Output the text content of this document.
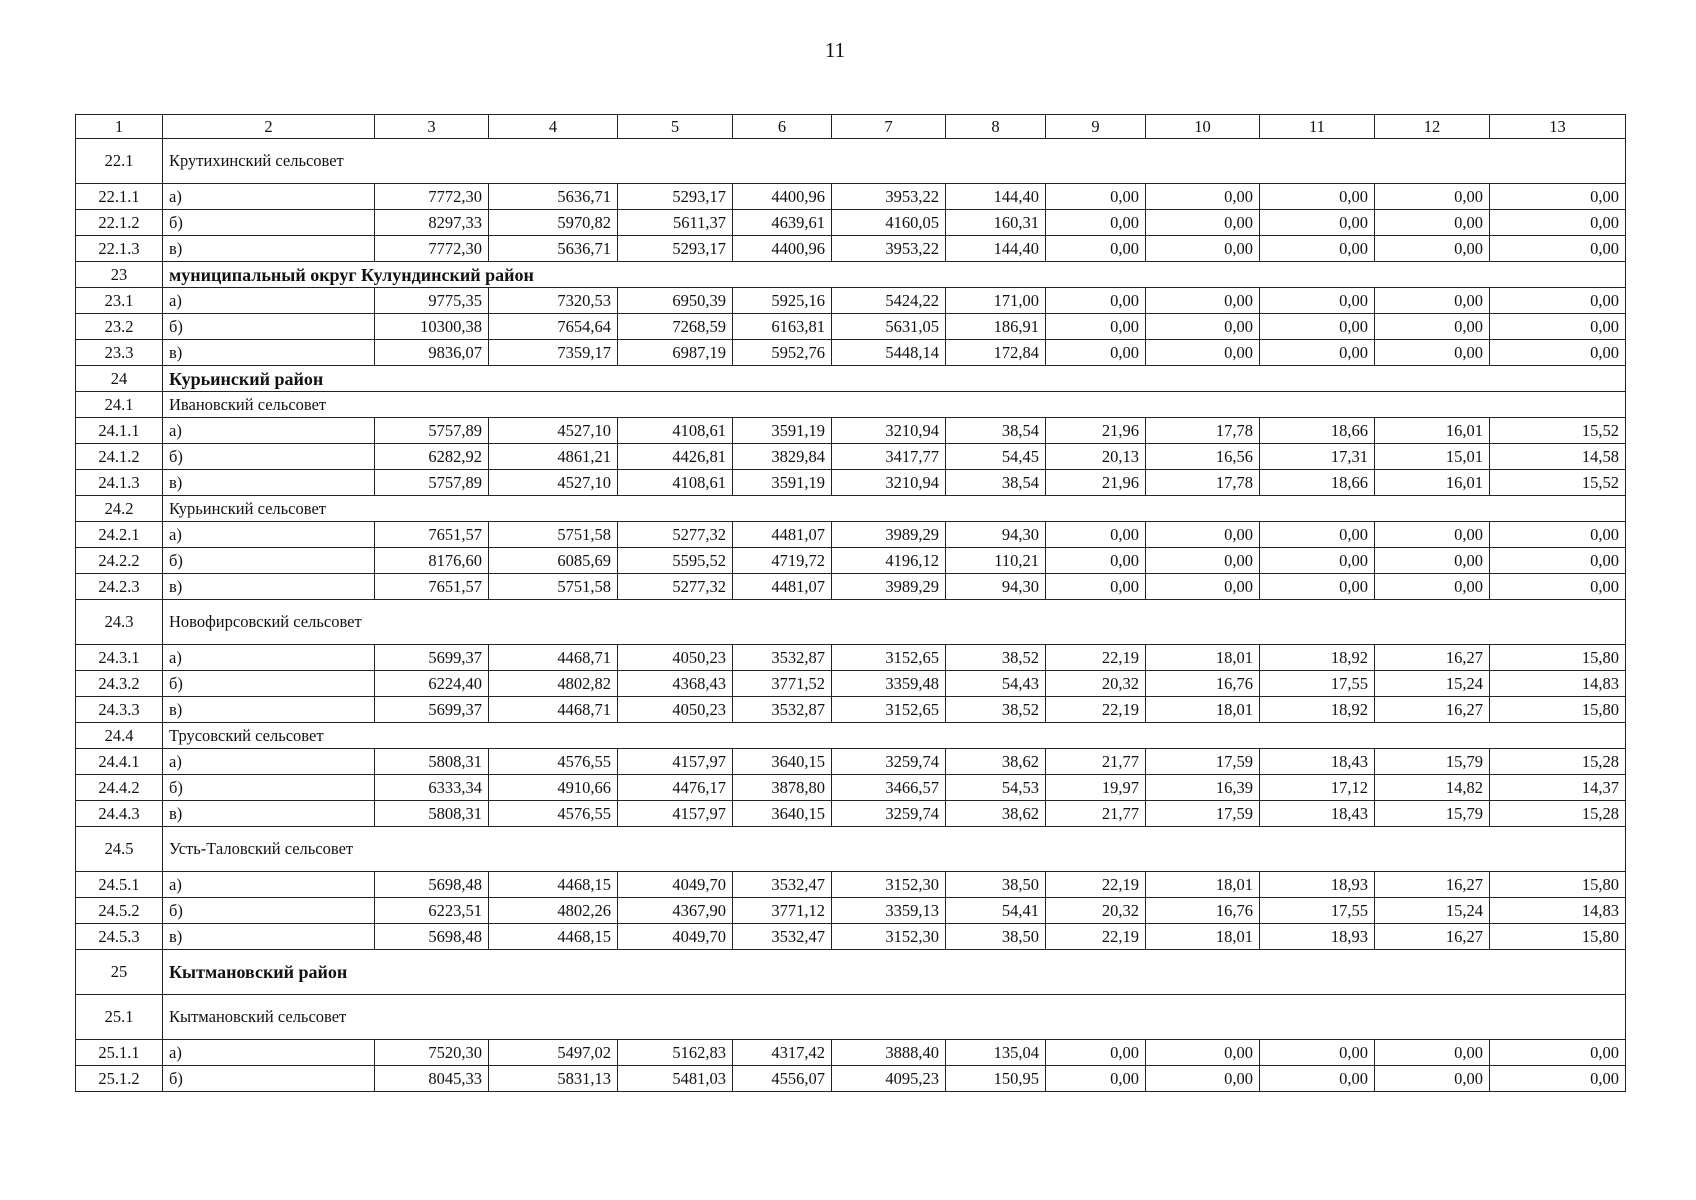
11
1	2	3	4	5	6	7	8	9	10	11	12	13
22.1	Крутихинский сельсовет											
22.1.1	а)	7772,30	5636,71	5293,17	4400,96	3953,22	144,40	0,00	0,00	0,00	0,00	0,00
22.1.2	б)	8297,33	5970,82	5611,37	4639,61	4160,05	160,31	0,00	0,00	0,00	0,00	0,00
22.1.3	в)	7772,30	5636,71	5293,17	4400,96	3953,22	144,40	0,00	0,00	0,00	0,00	0,00
23	муниципальный округ Кулундинский район											
23.1	а)	9775,35	7320,53	6950,39	5925,16	5424,22	171,00	0,00	0,00	0,00	0,00	0,00
23.2	б)	10300,38	7654,64	7268,59	6163,81	5631,05	186,91	0,00	0,00	0,00	0,00	0,00
23.3	в)	9836,07	7359,17	6987,19	5952,76	5448,14	172,84	0,00	0,00	0,00	0,00	0,00
24	Курьинский район											
24.1	Ивановский сельсовет											
24.1.1	а)	5757,89	4527,10	4108,61	3591,19	3210,94	38,54	21,96	17,78	18,66	16,01	15,52
24.1.2	б)	6282,92	4861,21	4426,81	3829,84	3417,77	54,45	20,13	16,56	17,31	15,01	14,58
24.1.3	в)	5757,89	4527,10	4108,61	3591,19	3210,94	38,54	21,96	17,78	18,66	16,01	15,52
24.2	Курьинский сельсовет											
24.2.1	а)	7651,57	5751,58	5277,32	4481,07	3989,29	94,30	0,00	0,00	0,00	0,00	0,00
24.2.2	б)	8176,60	6085,69	5595,52	4719,72	4196,12	110,21	0,00	0,00	0,00	0,00	0,00
24.2.3	в)	7651,57	5751,58	5277,32	4481,07	3989,29	94,30	0,00	0,00	0,00	0,00	0,00
24.3	Новофирсовский сельсовет											
24.3.1	а)	5699,37	4468,71	4050,23	3532,87	3152,65	38,52	22,19	18,01	18,92	16,27	15,80
24.3.2	б)	6224,40	4802,82	4368,43	3771,52	3359,48	54,43	20,32	16,76	17,55	15,24	14,83
24.3.3	в)	5699,37	4468,71	4050,23	3532,87	3152,65	38,52	22,19	18,01	18,92	16,27	15,80
24.4	Трусовский сельсовет											
24.4.1	а)	5808,31	4576,55	4157,97	3640,15	3259,74	38,62	21,77	17,59	18,43	15,79	15,28
24.4.2	б)	6333,34	4910,66	4476,17	3878,80	3466,57	54,53	19,97	16,39	17,12	14,82	14,37
24.4.3	в)	5808,31	4576,55	4157,97	3640,15	3259,74	38,62	21,77	17,59	18,43	15,79	15,28
24.5	Усть-Таловский сельсовет											
24.5.1	а)	5698,48	4468,15	4049,70	3532,47	3152,30	38,50	22,19	18,01	18,93	16,27	15,80
24.5.2	б)	6223,51	4802,26	4367,90	3771,12	3359,13	54,41	20,32	16,76	17,55	15,24	14,83
24.5.3	в)	5698,48	4468,15	4049,70	3532,47	3152,30	38,50	22,19	18,01	18,93	16,27	15,80
25	Кытмановский район											
25.1	Кытмановский сельсовет											
25.1.1	а)	7520,30	5497,02	5162,83	4317,42	3888,40	135,04	0,00	0,00	0,00	0,00	0,00
25.1.2	б)	8045,33	5831,13	5481,03	4556,07	4095,23	150,95	0,00	0,00	0,00	0,00	0,00
